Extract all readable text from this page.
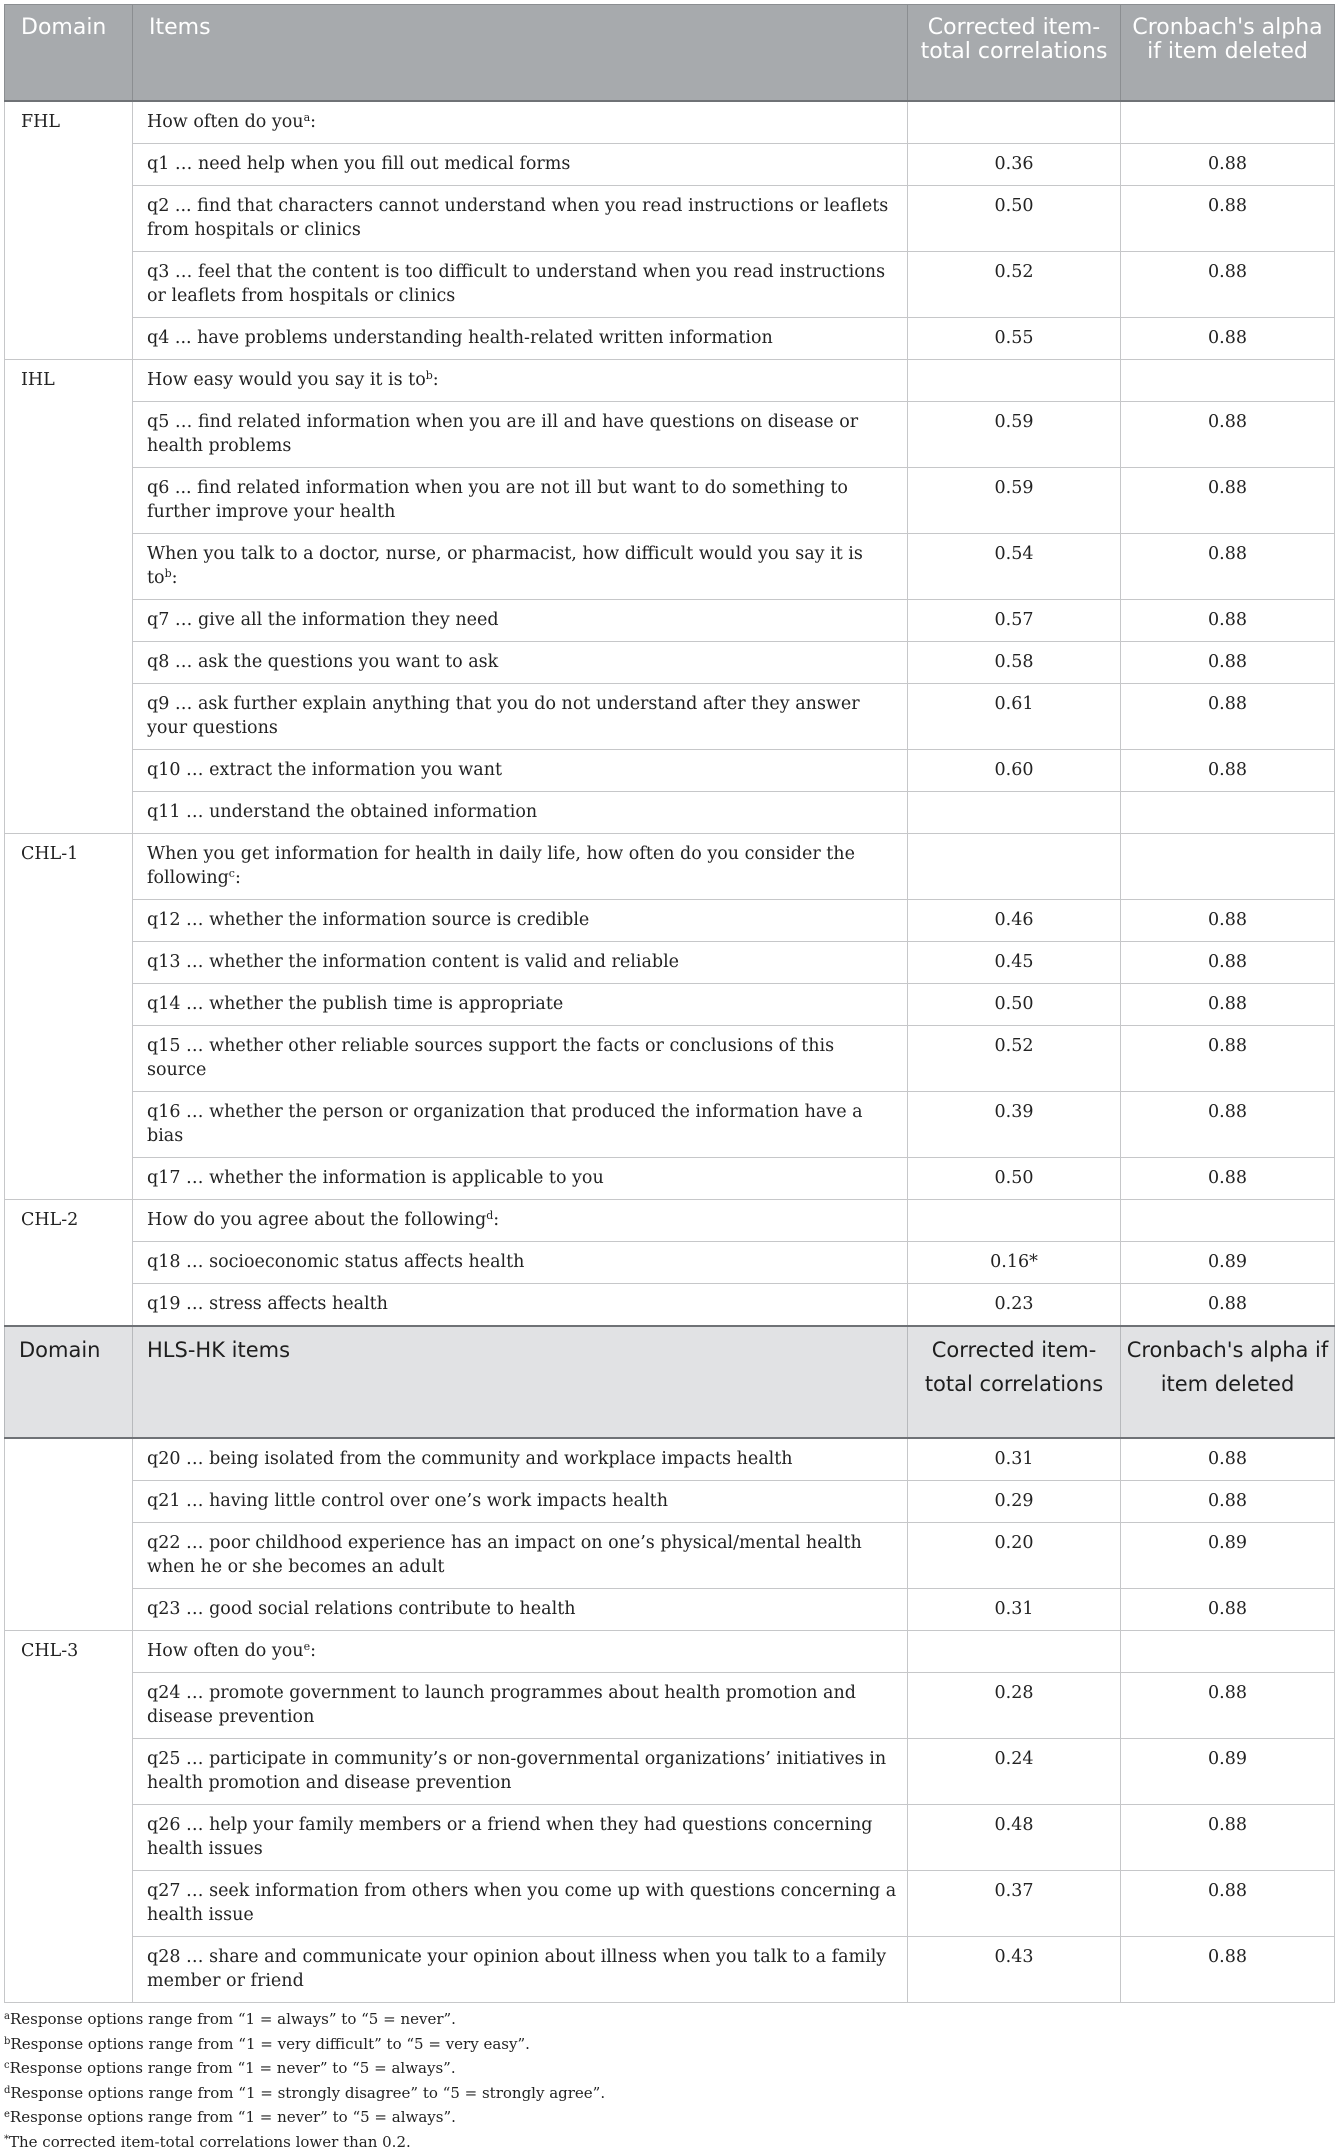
Domain	Items	Corrected item-total correlations	Cronbach's alpha if item deleted
FHL	How often do you$^a$:		
	q1 … need help when you fill out medical forms	0.36	0.88
	q2 ... find that characters cannot understand when you read instructions or leaflets from hospitals or clinics	0.50	0.88
	q3 … feel that the content is too difficult to understand when you read instructions or leaflets from hospitals or clinics	0.52	0.88
	q4 ... have problems understanding health-related written information	0.55	0.88
IHL	How easy would you say it is $to^b$:		
	q5 … find related information when you are ill and have questions on disease or health problems	0.59	0.88
	q6 ... find related information when you are not ill but want to do something to further improve your health	0.59	0.88
	When you talk to a doctor, nurse, or pharmacist, how difficult would you say it is $to^b$:	0.54	0.88
	q7 … give all the information they need	0.57	0.88
	q8 … ask the questions you want to ask	0.58	0.88
	q9 … ask further explain anything that you do not understand after they answer your questions	0.61	0.88
	q10 … extract the information you want	0.60	0.88
	q11 … understand the obtained information		
CHL-1	When you get information for health in daily life, how often do you consider the following$^c$:		
	q12 … whether the information source is credible	0.46	0.88
	q13 … whether the information content is valid and reliable	0.45	0.88
	q14 … whether the publish time is appropriate	0.50	0.88
	q15 … whether other reliable sources support the facts or conclusions of this source	0.52	0.88
	q16 … whether the person or organization that produced the information have a bias	0.39	0.88
	q17 … whether the information is applicable to you	0.50	0.88
CHL-2	How do you agree about the following$^d$:		
	q18 … socioeconomic status affects health	0.16*	0.89
	q19 … stress affects health	0.23	0.88
Domain	HLS-HK items	Corrected item-total correlations	Cronbach's alpha if item deleted
	q20 … being isolated from the community and workplace impacts health	0.31	0.88
	q21 … having little control over one’s work impacts health	0.29	0.88
	q22 … poor childhood experience has an impact on one’s physical/mental health when he or she becomes an adult	0.20	0.89
	q23 … good social relations contribute to health	0.31	0.88
CHL-3	How often do you$^e$:		
	q24 … promote government to launch programmes about health promotion and disease prevention	0.28	0.88
	q25 … participate in community’s or non-governmental organizations’ initiatives in health promotion and disease prevention	0.24	0.89
	q26 … help your family members or a friend when they had questions concerning health issues	0.48	0.88
	q27 … seek information from others when you come up with questions concerning a health issue	0.37	0.88
	q28 … share and communicate your opinion about illness when you talk to a family member or friend	0.43	0.88
$^a$Response options range from “1 = always” to “5 = never”.
$^b$Response options range from “1 = very difficult” to “5 = very easy”.
$^c$Response options range from “1 = never” to “5 = always”.
$^d$Response options range from “1 = strongly disagree” to “5 = strongly agree”.
$^e$Response options range from “1 = never” to “5 = always”.
*The corrected item-total correlations lower than 0.2.
